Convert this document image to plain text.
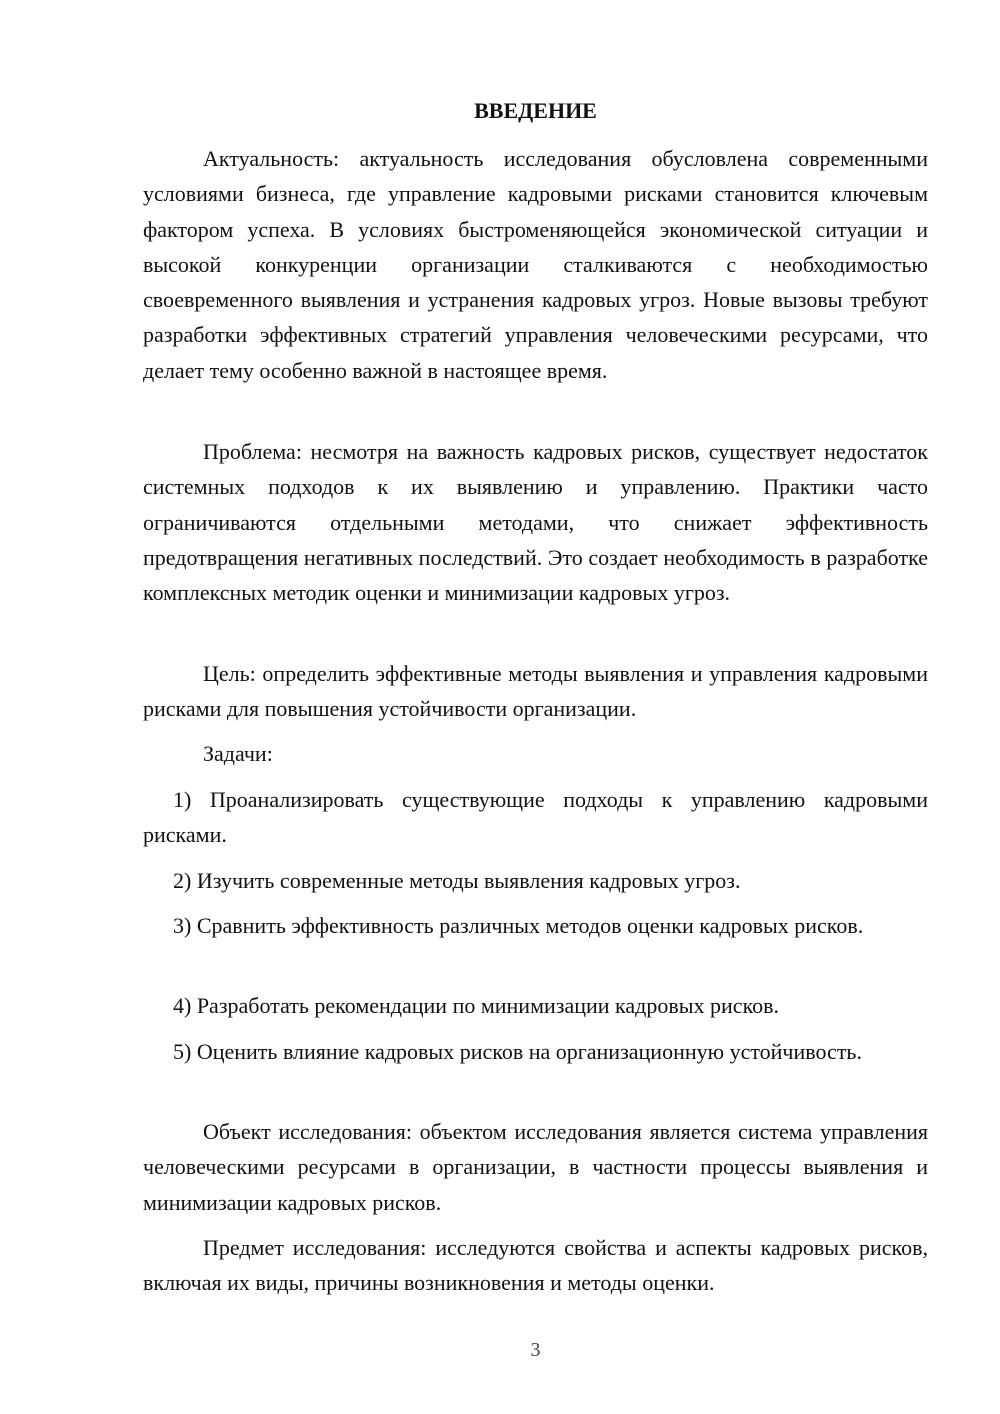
ВВЕДЕНИЕ

Актуальность: актуальность исследования обусловлена современными условиями бизнеса, где управление кадровыми рисками становится ключевым фактором успеха. В условиях быстроменяющейся экономической ситуации и высокой конкуренции организации сталкиваются с необходимостью своевременного выявления и устранения кадровых угроз. Новые вызовы требуют разработки эффективных стратегий управления человеческими ресурсами, что делает тему особенно важной в настоящее время.

Проблема: несмотря на важность кадровых рисков, существует недостаток системных подходов к их выявлению и управлению. Практики часто ограничиваются отдельными методами, что снижает эффективность предотвращения негативных последствий. Это создает необходимость в разработке комплексных методик оценки и минимизации кадровых угроз.

Цель: определить эффективные методы выявления и управления кадровыми рисками для повышения устойчивости организации.

Задачи:

1) Проанализировать существующие подходы к управлению кадровыми рисками.

2) Изучить современные методы выявления кадровых угроз.

3) Сравнить эффективность различных методов оценки кадровых рисков.

4) Разработать рекомендации по минимизации кадровых рисков.

5) Оценить влияние кадровых рисков на организационную устойчивость.

Объект исследования: объектом исследования является система управления человеческими ресурсами в организации, в частности процессы выявления и минимизации кадровых рисков.

Предмет исследования: исследуются свойства и аспекты кадровых рисков, включая их виды, причины возникновения и методы оценки.

3
